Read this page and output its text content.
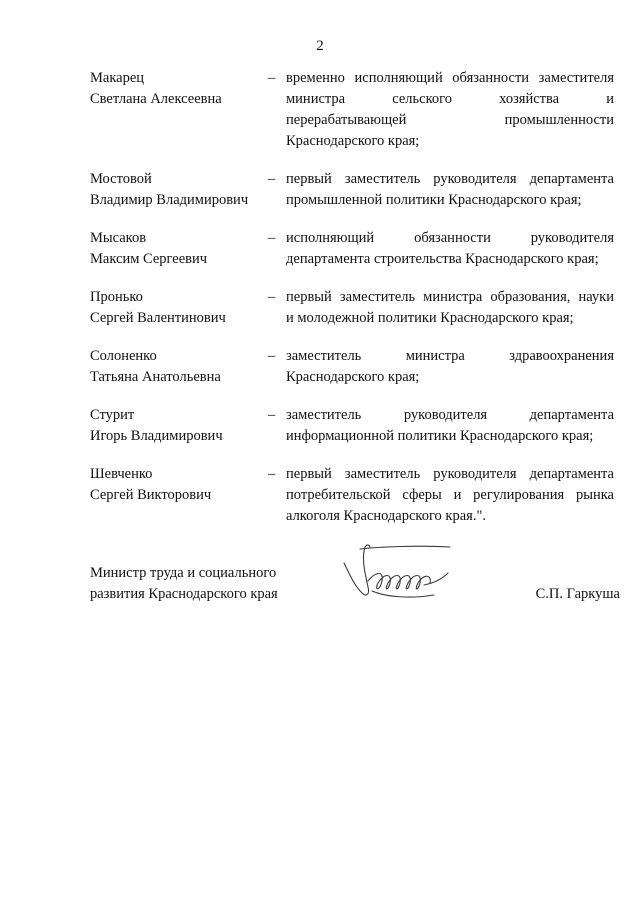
2
Макарец
Светлана Алексеевна
– временно исполняющий обязанности заместителя
министра сельского хозяйства и
перерабатывающей промышленности
Краснодарского края;
Мостовой
Владимир Владимирович
– первый заместитель руководителя департамента
промышленной политики Краснодарского края;
Мысаков
Максим Сергеевич
– исполняющий обязанности руководителя
департамента строительства Краснодарского края;
Пронько
Сергей Валентинович
– первый заместитель министра образования, науки
и молодежной политики Краснодарского края;
Солоненко
Татьяна Анатольевна
– заместитель министра здравоохранения
Краснодарского края;
Стурит
Игорь Владимирович
– заместитель руководителя департамента
информационной политики Краснодарского края;
Шевченко
Сергей Викторович
– первый заместитель руководителя департамента
потребительской сферы и регулирования рынка
алкоголя Краснодарского края.".
Министр труда и социального
развития Краснодарского края	С.П. Гаркуша
